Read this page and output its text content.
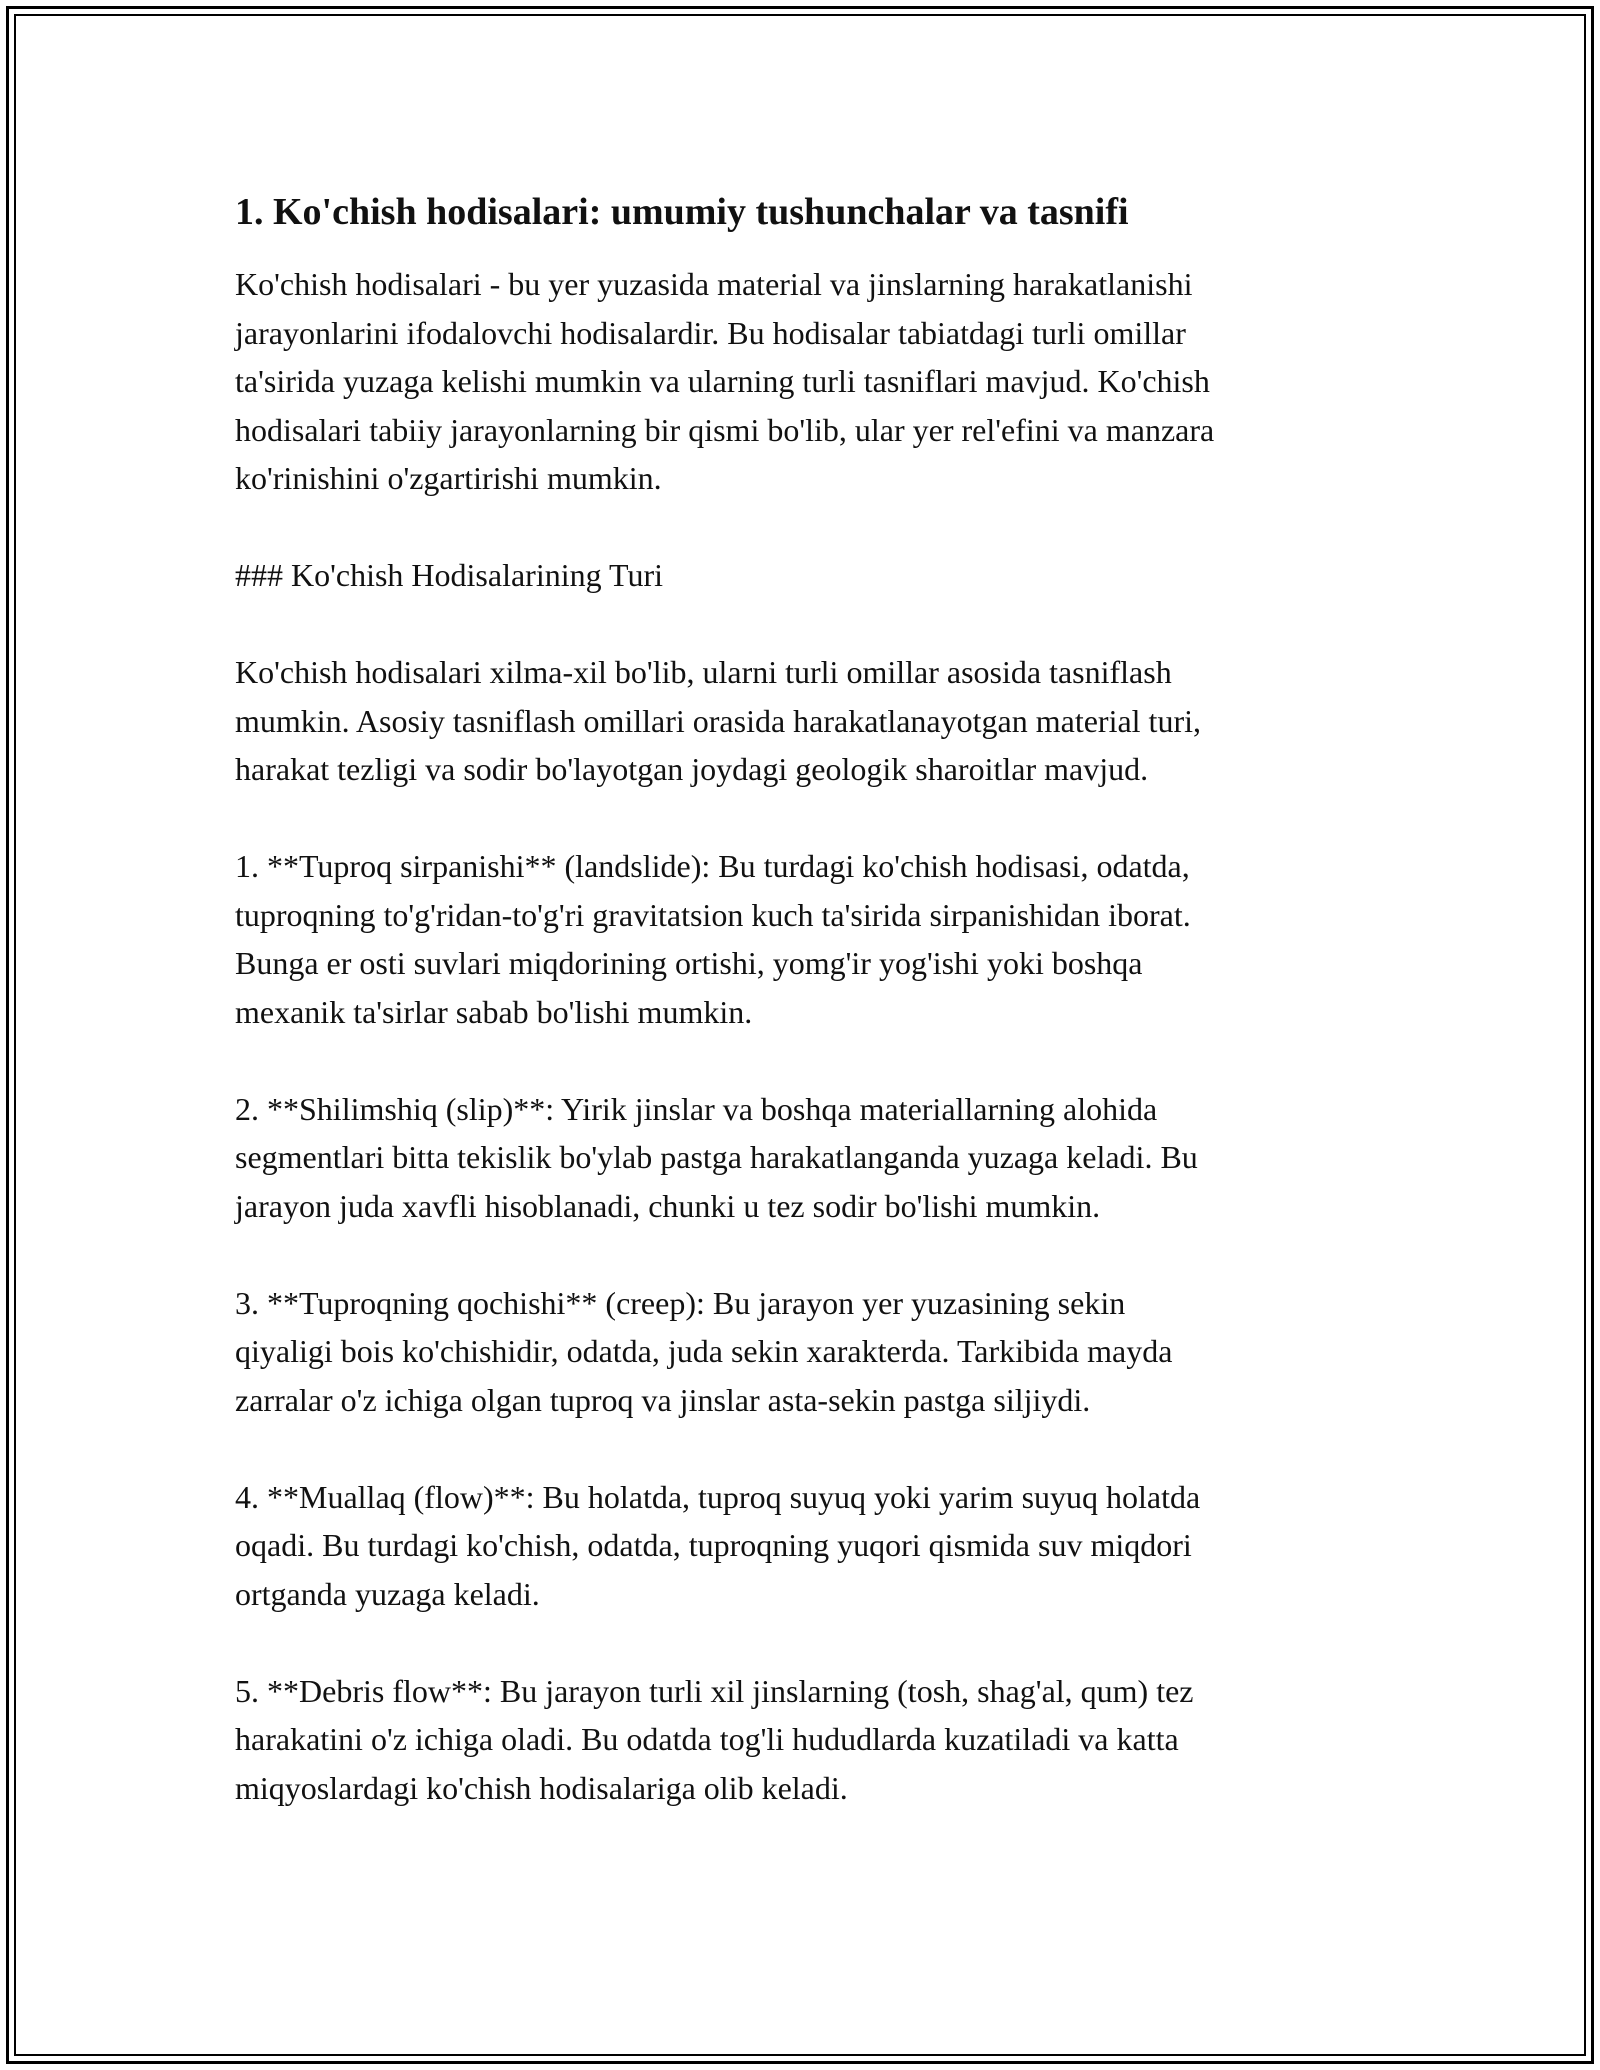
1. Ko'chish hodisalari: umumiy tushunchalar va tasnifi
Ko'chish hodisalari - bu yer yuzasida material va jinslarning harakatlanishi
jarayonlarini ifodalovchi hodisalardir. Bu hodisalar tabiatdagi turli omillar
ta'sirida yuzaga kelishi mumkin va ularning turli tasniflari mavjud. Ko'chish
hodisalari tabiiy jarayonlarning bir qismi bo'lib, ular yer rel'efini va manzara
ko'rinishini o'zgartirishi mumkin.
### Ko'chish Hodisalarining Turi
Ko'chish hodisalari xilma-xil bo'lib, ularni turli omillar asosida tasniflash
mumkin. Asosiy tasniflash omillari orasida harakatlanayotgan material turi,
harakat tezligi va sodir bo'layotgan joydagi geologik sharoitlar mavjud.
1. **Tuproq sirpanishi** (landslide): Bu turdagi ko'chish hodisasi, odatda,
tuproqning to'g'ridan-to'g'ri gravitatsion kuch ta'sirida sirpanishidan iborat.
Bunga er osti suvlari miqdorining ortishi, yomg'ir yog'ishi yoki boshqa
mexanik ta'sirlar sabab bo'lishi mumkin.
2. **Shilimshiq (slip)**: Yirik jinslar va boshqa materiallarning alohida
segmentlari bitta tekislik bo'ylab pastga harakatlanganda yuzaga keladi. Bu
jarayon juda xavfli hisoblanadi, chunki u tez sodir bo'lishi mumkin.
3. **Tuproqning qochishi** (creep): Bu jarayon yer yuzasining sekin
qiyaligi bois ko'chishidir, odatda, juda sekin xarakterda. Tarkibida mayda
zarralar o'z ichiga olgan tuproq va jinslar asta-sekin pastga siljiydi.
4. **Muallaq (flow)**: Bu holatda, tuproq suyuq yoki yarim suyuq holatda
oqadi. Bu turdagi ko'chish, odatda, tuproqning yuqori qismida suv miqdori
ortganda yuzaga keladi.
5. **Debris flow**: Bu jarayon turli xil jinslarning (tosh, shag'al, qum) tez
harakatini o'z ichiga oladi. Bu odatda tog'li hududlarda kuzatiladi va katta
miqyoslardagi ko'chish hodisalariga olib keladi.
